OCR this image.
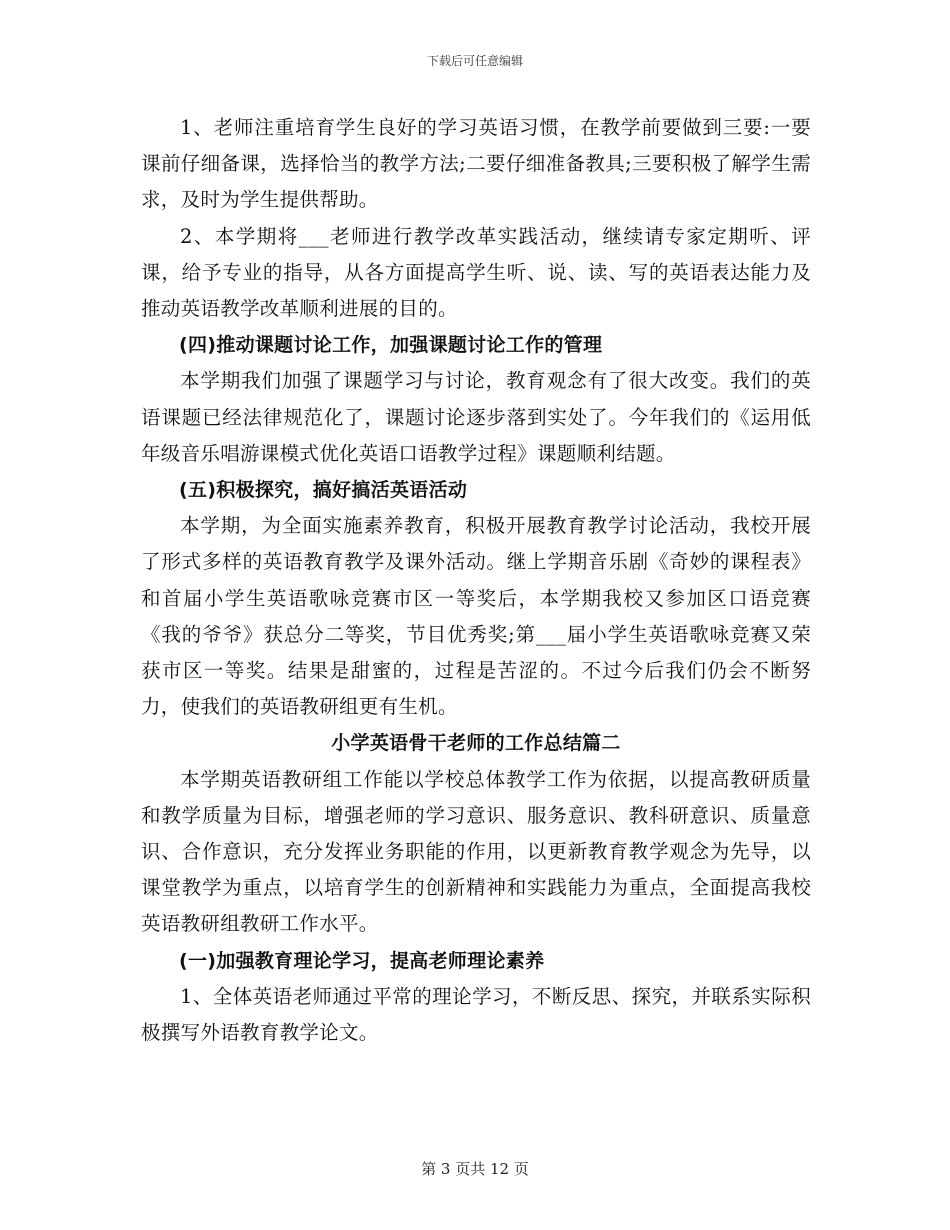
下载后可任意编辑

1、老师注重培育学生良好的学习英语习惯，在教学前要做到三要:一要课前仔细备课，选择恰当的教学方法;二要仔细准备教具;三要积极了解学生需求，及时为学生提供帮助。

2、本学期将___老师进行教学改革实践活动，继续请专家定期听、评课，给予专业的指导，从各方面提高学生听、说、读、写的英语表达能力及推动英语教学改革顺利进展的目的。

(四)推动课题讨论工作，加强课题讨论工作的管理

本学期我们加强了课题学习与讨论，教育观念有了很大改变。我们的英语课题已经法律规范化了，课题讨论逐步落到实处了。今年我们的《运用低年级音乐唱游课模式优化英语口语教学过程》课题顺利结题。

(五)积极探究，搞好搞活英语活动

本学期，为全面实施素养教育，积极开展教育教学讨论活动，我校开展了形式多样的英语教育教学及课外活动。继上学期音乐剧《奇妙的课程表》和首届小学生英语歌咏竞赛市区一等奖后，本学期我校又参加区口语竞赛《我的爷爷》获总分二等奖，节目优秀奖;第___届小学生英语歌咏竞赛又荣获市区一等奖。结果是甜蜜的，过程是苦涩的。不过今后我们仍会不断努力，使我们的英语教研组更有生机。

小学英语骨干老师的工作总结篇二

本学期英语教研组工作能以学校总体教学工作为依据，以提高教研质量和教学质量为目标，增强老师的学习意识、服务意识、教科研意识、质量意识、合作意识，充分发挥业务职能的作用，以更新教育教学观念为先导，以课堂教学为重点，以培育学生的创新精神和实践能力为重点，全面提高我校英语教研组教研工作水平。

(一)加强教育理论学习，提高老师理论素养

1、全体英语老师通过平常的理论学习，不断反思、探究，并联系实际积极撰写外语教育教学论文。

第 3 页共 12 页
